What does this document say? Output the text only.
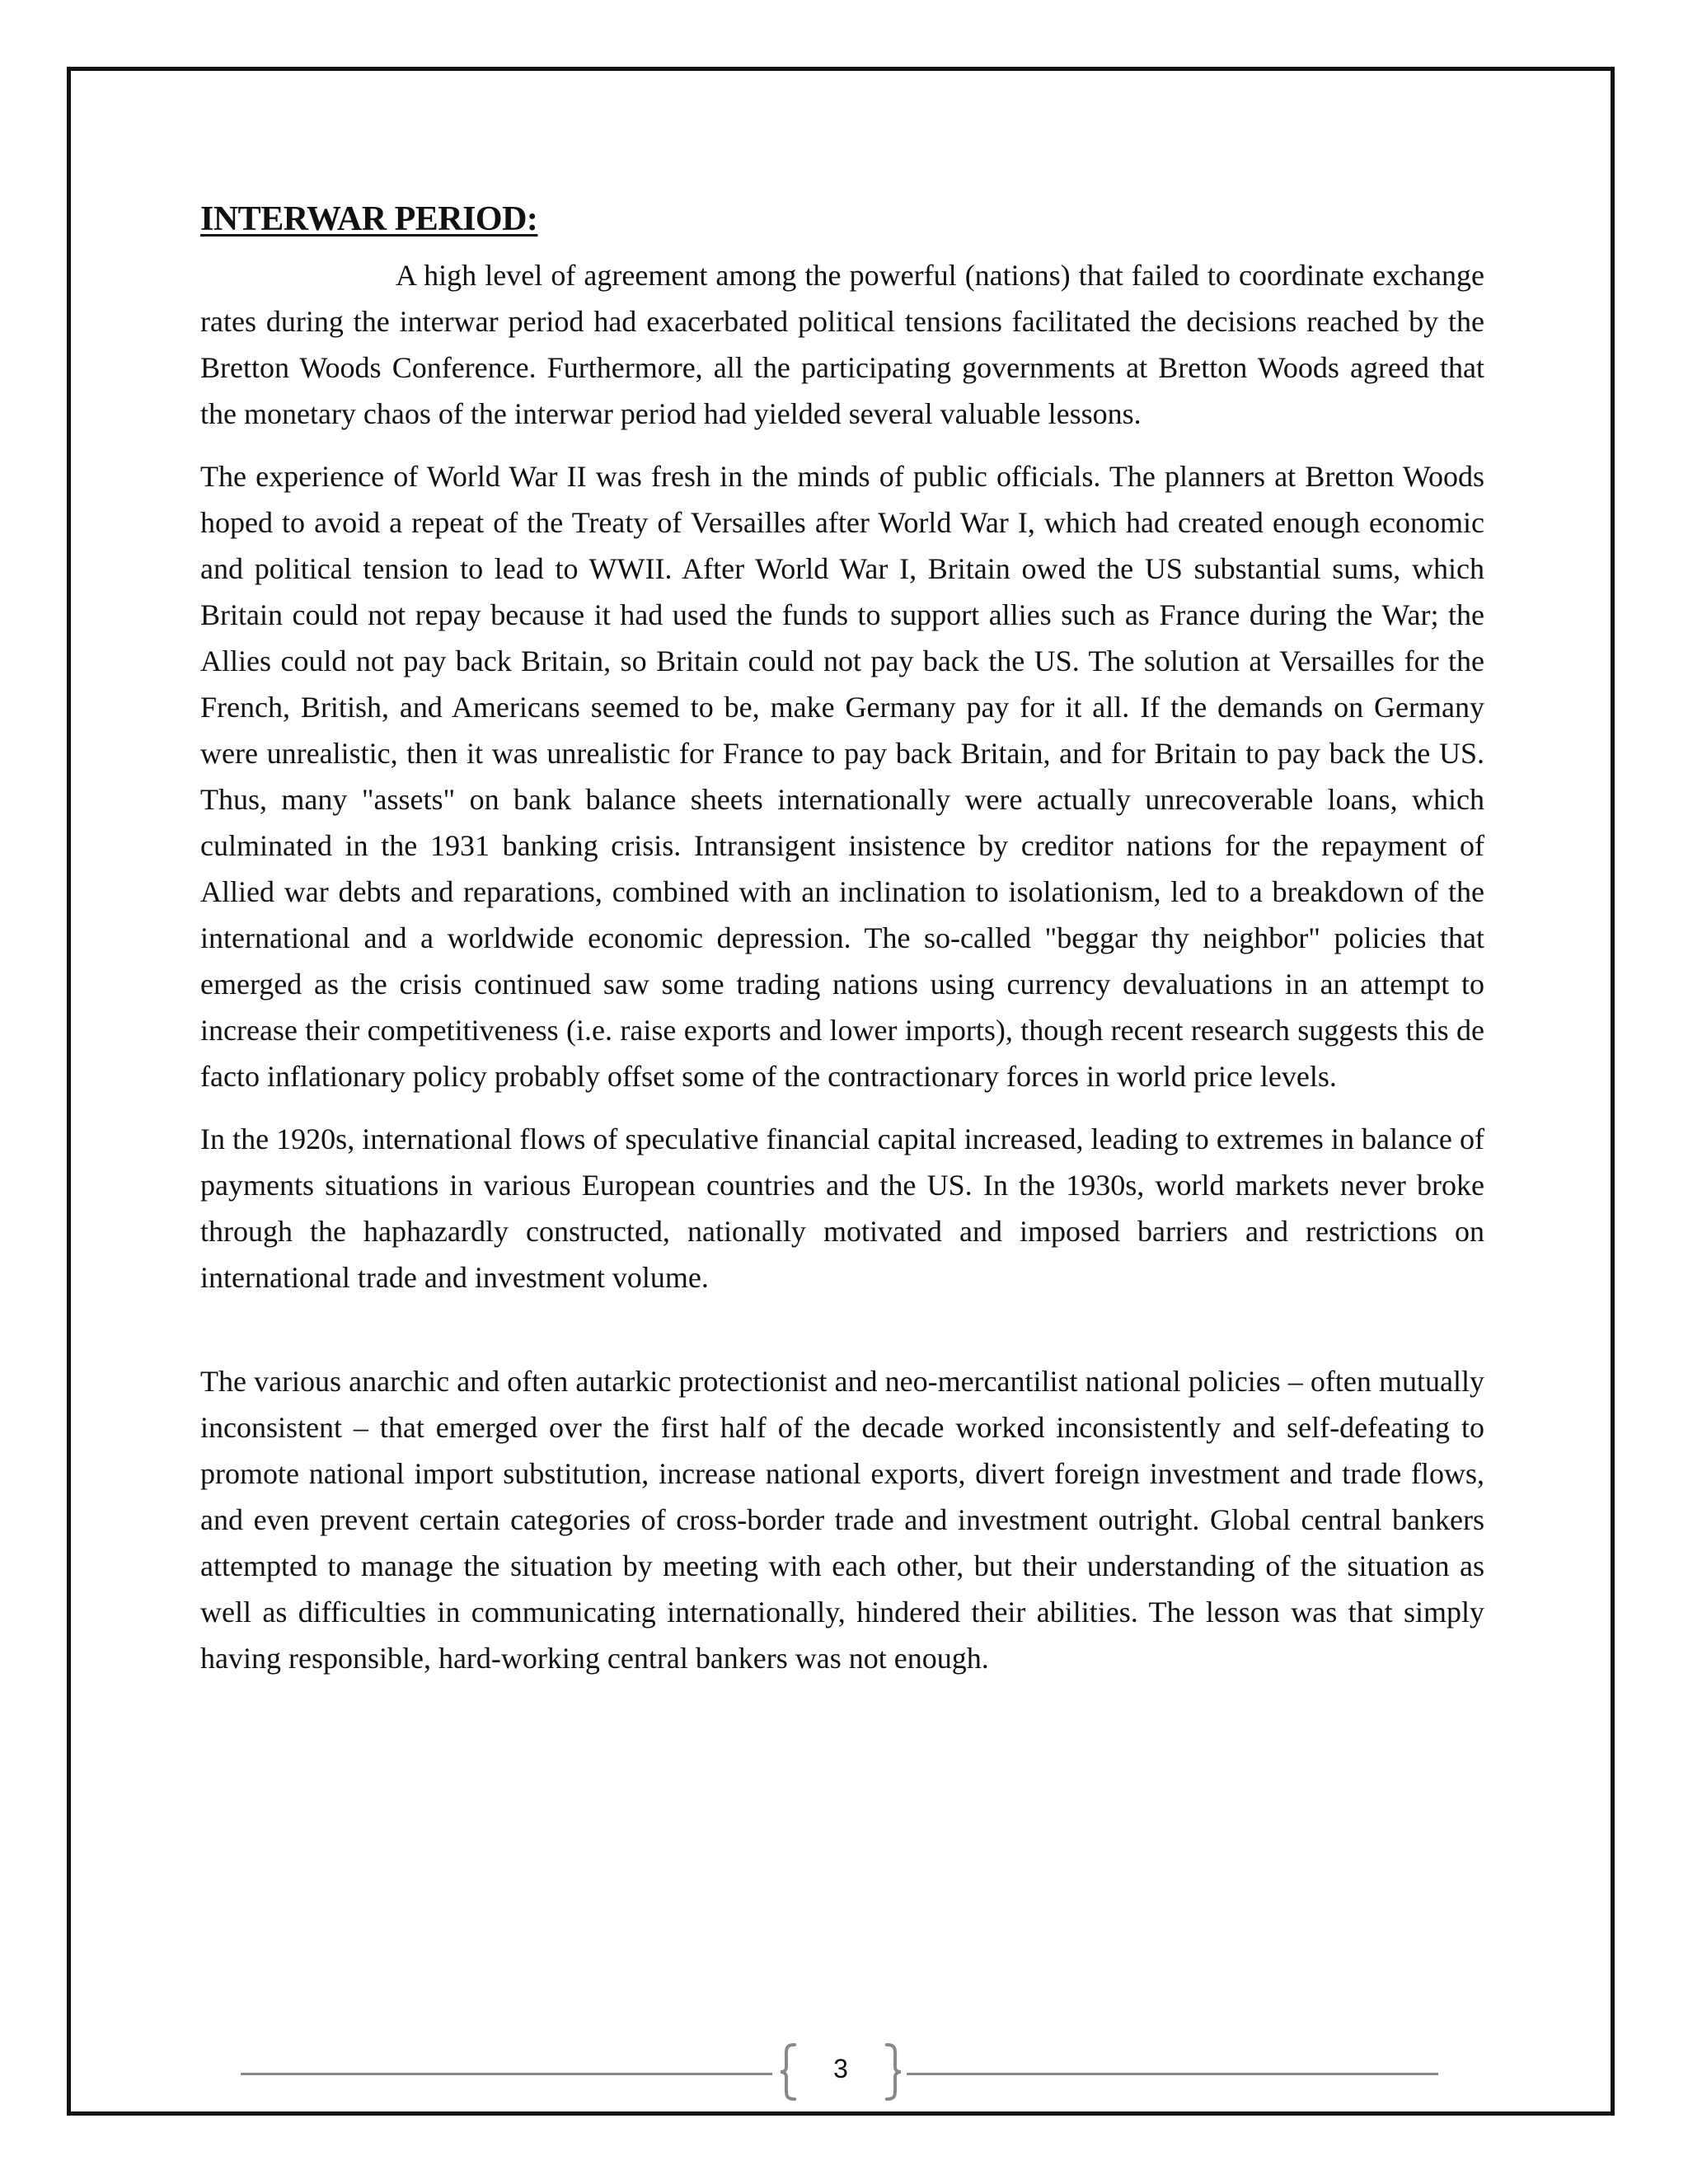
INTERWAR PERIOD:

A high level of agreement among the powerful (nations) that failed to coordinate exchange rates during the interwar period had exacerbated political tensions facilitated the decisions reached by the Bretton Woods Conference. Furthermore, all the participating governments at Bretton Woods agreed that the monetary chaos of the interwar period had yielded several valuable lessons.

The experience of World War II was fresh in the minds of public officials. The planners at Bretton Woods hoped to avoid a repeat of the Treaty of Versailles after World War I, which had created enough economic and political tension to lead to WWII. After World War I, Britain owed the US substantial sums, which Britain could not repay because it had used the funds to support allies such as France during the War; the Allies could not pay back Britain, so Britain could not pay back the US. The solution at Versailles for the French, British, and Americans seemed to be, make Germany pay for it all. If the demands on Germany were unrealistic, then it was unrealistic for France to pay back Britain, and for Britain to pay back the US. Thus, many "assets" on bank balance sheets internationally were actually unrecoverable loans, which culminated in the 1931 banking crisis. Intransigent insistence by creditor nations for the repayment of Allied war debts and reparations, combined with an inclination to isolationism, led to a breakdown of the international and a worldwide economic depression. The so-called "beggar thy neighbor" policies that emerged as the crisis continued saw some trading nations using currency devaluations in an attempt to increase their competitiveness (i.e. raise exports and lower imports), though recent research suggests this de facto inflationary policy probably offset some of the contractionary forces in world price levels.

In the 1920s, international flows of speculative financial capital increased, leading to extremes in balance of payments situations in various European countries and the US. In the 1930s, world markets never broke through the haphazardly constructed, nationally motivated and imposed barriers and restrictions on international trade and investment volume.

The various anarchic and often autarkic protectionist and neo-mercantilist national policies – often mutually inconsistent – that emerged over the first half of the decade worked inconsistently and self-defeating to promote national import substitution, increase national exports, divert foreign investment and trade flows, and even prevent certain categories of cross-border trade and investment outright. Global central bankers attempted to manage the situation by meeting with each other, but their understanding of the situation as well as difficulties in communicating internationally, hindered their abilities. The lesson was that simply having responsible, hard-working central bankers was not enough.

3
